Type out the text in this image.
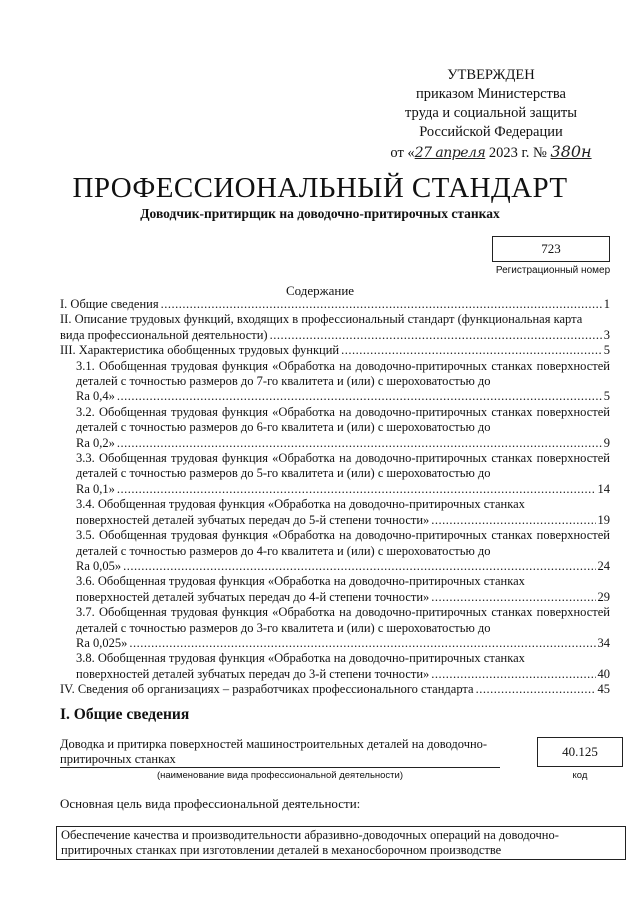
УТВЕРЖДЕН
приказом Министерства
труда и социальной защиты
Российской Федерации
от «27 апреля 2023 г. № 380н
ПРОФЕССИОНАЛЬНЫЙ СТАНДАРТ
Доводчик-притирщик на доводочно-притирочных станках
723
Регистрационный номер
Содержание
I. Общие сведения .....	1
II. Описание трудовых функций, входящих в профессиональный стандарт (функциональная карта
вида профессиональной деятельности) .....	3
III. Характеристика обобщенных трудовых функций .....	5
3.1. Обобщенная трудовая функция «Обработка на доводочно-притирочных станках поверхностей деталей с точностью размеров до 7-го квалитета и (или) с шероховатостью до
Ra 0,4» .....	5
3.2. Обобщенная трудовая функция «Обработка на доводочно-притирочных станках поверхностей деталей с точностью размеров до 6-го квалитета и (или) с шероховатостью до
Ra 0,2» .....	9
3.3. Обобщенная трудовая функция «Обработка на доводочно-притирочных станках поверхностей деталей с точностью размеров до 5-го квалитета и (или) с шероховатостью до
Ra 0,1» .....	14
3.4. Обобщенная трудовая функция «Обработка на доводочно-притирочных станках
поверхностей деталей зубчатых передач до 5-й степени точности» .....	19
3.5. Обобщенная трудовая функция «Обработка на доводочно-притирочных станках поверхностей деталей с точностью размеров до 4-го квалитета и (или) с шероховатостью до
Ra 0,05» .....	24
3.6. Обобщенная трудовая функция «Обработка на доводочно-притирочных станках
поверхностей деталей зубчатых передач до 4-й степени точности» .....	29
3.7. Обобщенная трудовая функция «Обработка на доводочно-притирочных станках поверхностей деталей с точностью размеров до 3-го квалитета и (или) с шероховатостью до
Ra 0,025» .....	34
3.8. Обобщенная трудовая функция «Обработка на доводочно-притирочных станках
поверхностей деталей зубчатых передач до 3-й степени точности» .....	40
IV. Сведения об организациях – разработчиках профессионального стандарта .....	45
I. Общие сведения
Доводка и притирка поверхностей машиностроительных деталей на доводочно-притирочных станках
(наименование вида профессиональной деятельности)
40.125
код
Основная цель вида профессиональной деятельности:
Обеспечение качества и производительности абразивно-доводочных операций на доводочно-притирочных станках при изготовлении деталей в механосборочном производстве
